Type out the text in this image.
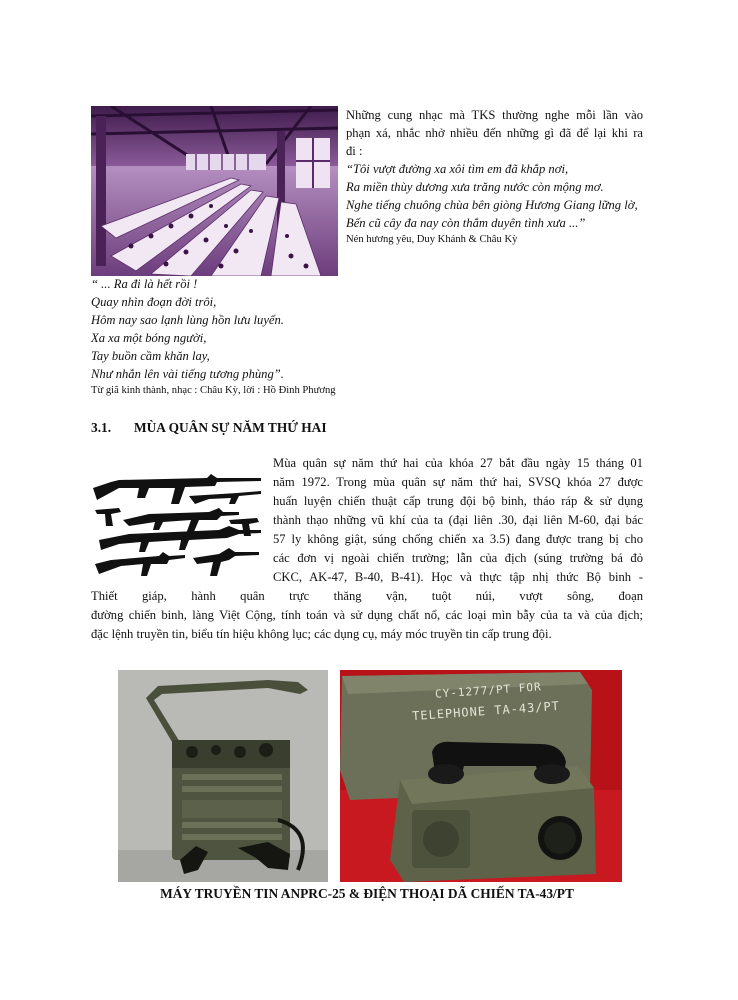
Những cung nhạc mà TKS thường nghe mỗi lần vào
phạn xá, nhắc nhở nhiều đến những gì đã để lại khi ra
đi :
“Tôi vượt đường xa xôi tìm em đã khắp nơi,
Ra miền thùy dương xưa trăng nước còn mộng mơ.
Nghe tiếng chuông chùa bên giòng Hương Giang lững lờ,
Bến cũ cây đa nay còn thắm duyên tình xưa ...”
Nén hương yêu, Duy Khánh & Châu Kỳ
“ ... Ra đi là hết rồi !
Quay nhìn đoạn đời trôi,
Hôm nay sao lạnh lùng hồn lưu luyến.
Xa xa một bóng người,
Tay buồn cầm khăn lay,
Như nhắn lên vài tiếng tương phùng”.
Từ giã kinh thành, nhạc : Châu Kỳ, lời : Hồ Đình Phương
3.1. MÙA QUÂN SỰ NĂM THỨ HAI
Mùa quân sự năm thứ hai của khóa 27 bắt đầu ngày 15 tháng 01
năm 1972. Trong mùa quân sự năm thứ hai, SVSQ khóa 27 được
huấn luyện chiến thuật cấp trung đội bộ binh, tháo ráp & sử dụng
thành thạo những vũ khí của ta (đại liên .30, đại liên M-60, đại bác
57 ly không giật, súng chống chiến xa 3.5) đang được trang bị cho
các đơn vị ngoài chiến trường; lẫn của địch (súng trường bá đỏ
CKC, AK-47, B-40, B-41). Học và thực tập nhị thức Bộ binh -
Thiết giáp, hành quân trực thăng vận, tuột núi, vượt sông, đoạn
đường chiến binh, làng Việt Cộng, tính toán và sử dụng chất nổ, các loại mìn bẫy của ta và của địch;
đặc lệnh truyền tin, biểu tín hiệu không lục; các dụng cụ, máy móc truyền tin cấp trung đội.
CY-1277/PT FOR
TELEPHONE TA-43/PT
MÁY TRUYỀN TIN ANPRC-25 & ĐIỆN THOẠI DÃ CHIẾN TA-43/PT
